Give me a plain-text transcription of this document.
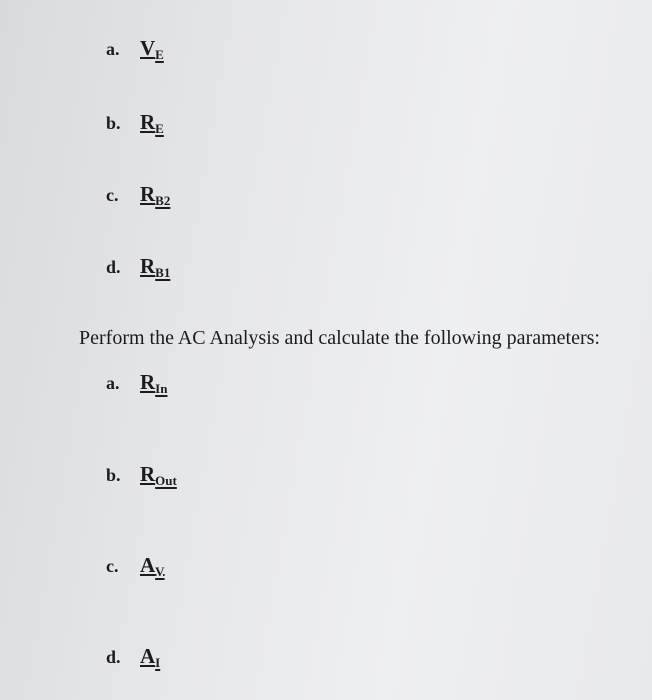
a. $V_E$
b. $R_E$
c.	$R_{B2}$
d. $R_{B1}$
Perform the AC Analysis and calculate the following parameters:
a. $R_{In}$
b. $R_{Out}$
c.	$A_V$
d. $A_I$
